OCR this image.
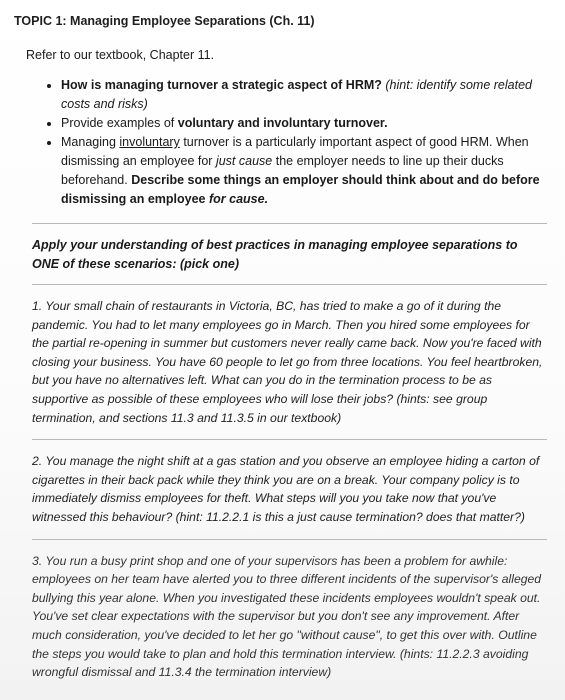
TOPIC 1: Managing Employee Separations (Ch. 11)
Refer to our textbook, Chapter 11.
• How is managing turnover a strategic aspect of HRM? (hint: identify some related costs and risks)
• Provide examples of voluntary and involuntary turnover.
• Managing involuntary turnover is a particularly important aspect of good HRM. When dismissing an employee for just cause the employer needs to line up their ducks beforehand. Describe some things an employer should think about and do before dismissing an employee for cause.
Apply your understanding of best practices in managing employee separations to ONE of these scenarios: (pick one)
1. Your small chain of restaurants in Victoria, BC, has tried to make a go of it during the pandemic. You had to let many employees go in March. Then you hired some employees for the partial re-opening in summer but customers never really came back. Now you're faced with closing your business. You have 60 people to let go from three locations. You feel heartbroken, but you have no alternatives left. What can you do in the termination process to be as supportive as possible of these employees who will lose their jobs? (hints: see group termination, and sections 11.3 and 11.3.5 in our textbook)
2. You manage the night shift at a gas station and you observe an employee hiding a carton of cigarettes in their back pack while they think you are on a break. Your company policy is to immediately dismiss employees for theft. What steps will you you take now that you've witnessed this behaviour? (hint: 11.2.2.1 is this a just cause termination? does that matter?)
3. You run a busy print shop and one of your supervisors has been a problem for awhile: employees on her team have alerted you to three different incidents of the supervisor's alleged bullying this year alone. When you investigated these incidents employees wouldn't speak out. You've set clear expectations with the supervisor but you don't see any improvement. After much consideration, you've decided to let her go "without cause", to get this over with. Outline the steps you would take to plan and hold this termination interview. (hints: 11.2.2.3 avoiding wrongful dismissal and 11.3.4 the termination interview)
